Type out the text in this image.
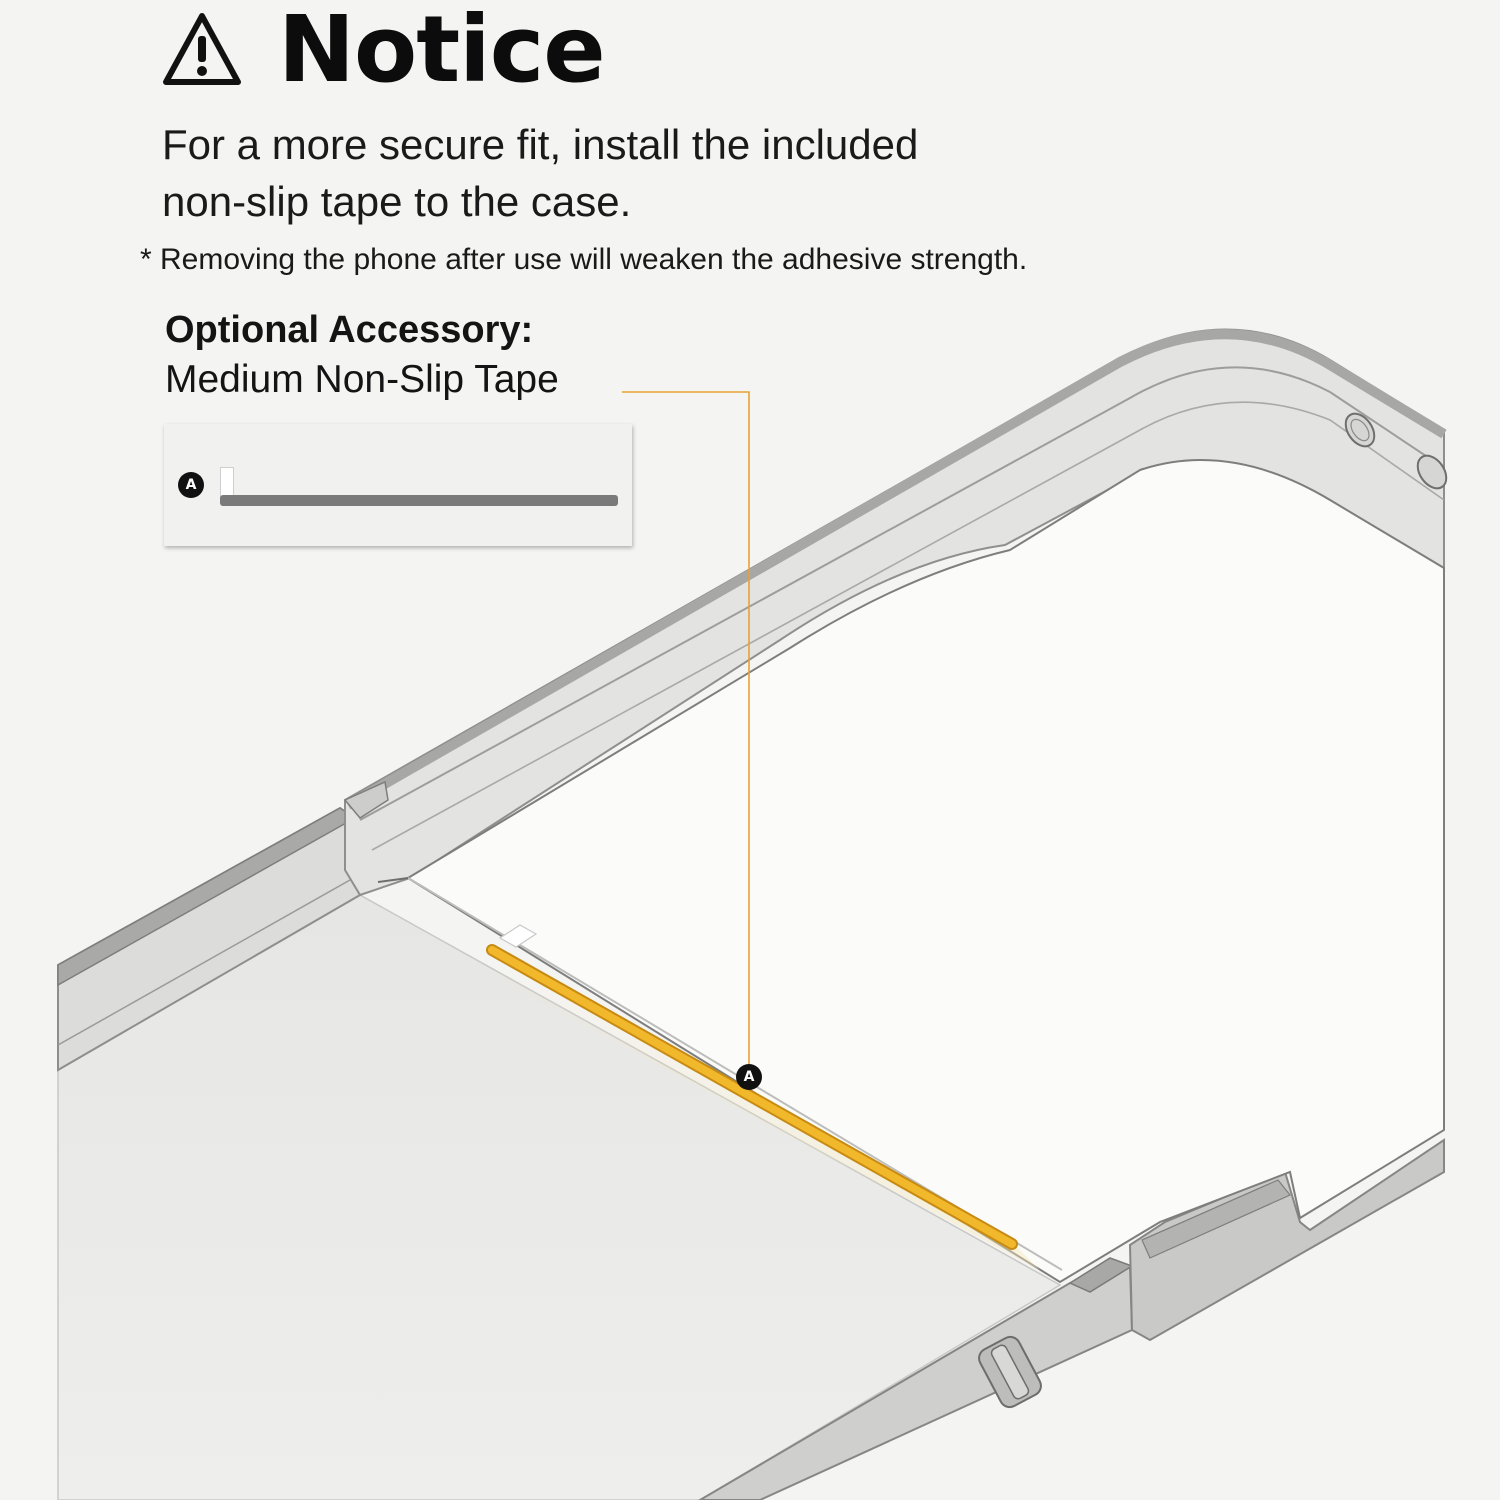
Notice
For a more secure fit, install the included
non-slip tape to the case.
* Removing the phone after use will weaken the adhesive strength.
Optional Accessory:
Medium Non-Slip Tape
A
A
